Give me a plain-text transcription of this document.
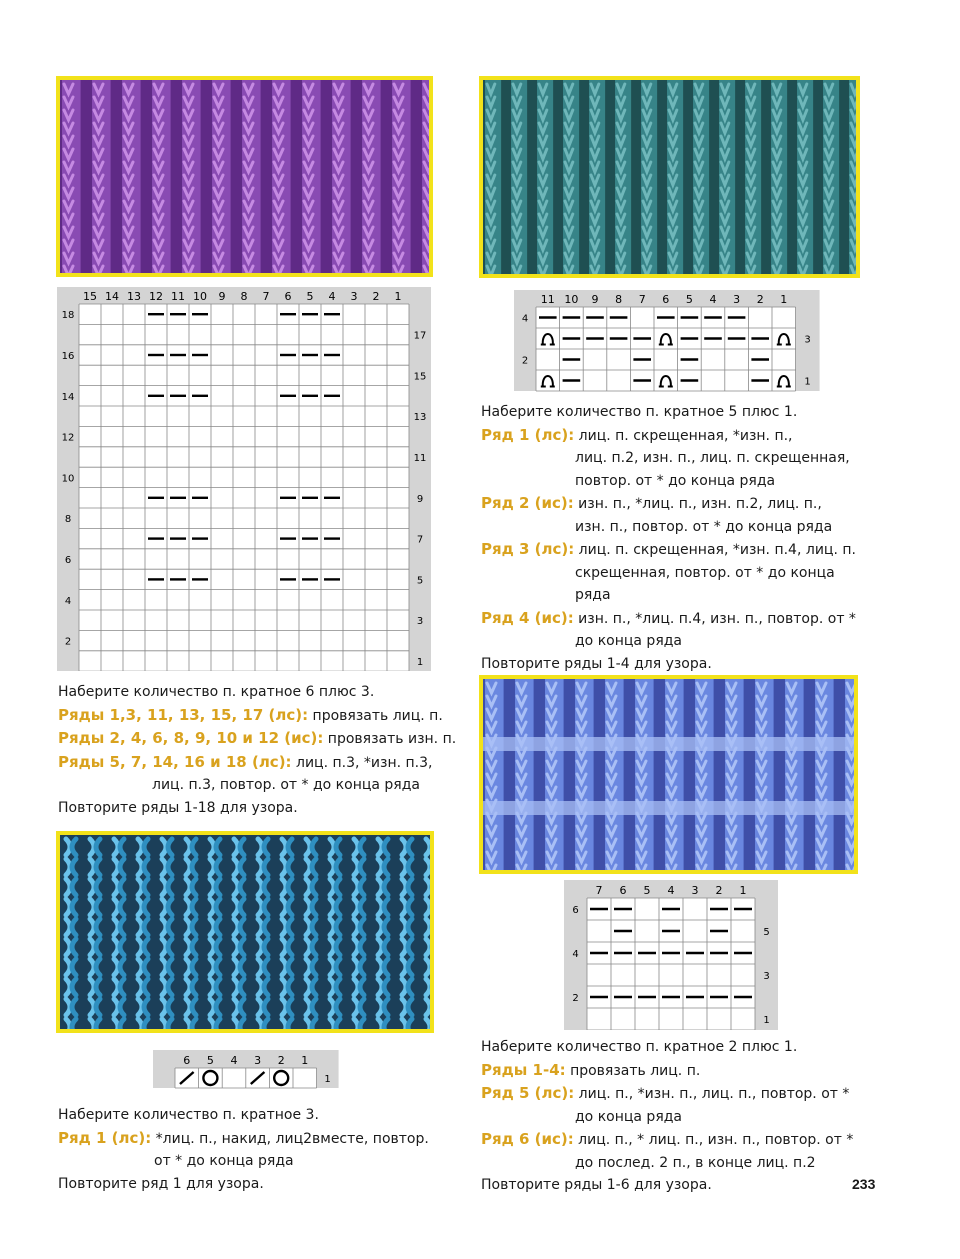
15 14 13 12 11 10 9 8 7 6 5 4 3 2 1
18
16
14
12
10
8
6
4
2
17
15
13
11
9
7
5
3
1
11 10 9 8 7 6 5 4 3 2 1
4
2
3
1
6 5 4 3 2 1
1
7 6 5 4 3 2 1
6
4
2
5
3
1

Наберите количество п. кратное 6 плюс 3.

Ряды 1,3, 11, 13, 15, 17 (лс): провязать лиц. п.

Ряды 2, 4, 6, 8, 9, 10 и 12 (ис): провязать изн. п.

Ряды 5, 7, 14, 16 и 18 (лс): лиц. п.3, *изн. п.3,

лиц. п.3, повтор. от * до конца ряда

Повторите ряды 1-18 для узора.

Наберите количество п. кратное 5 плюс 1.

Ряд 1 (лс): лиц. п. скрещенная, *изн. п.,

лиц. п.2, изн. п., лиц. п. скрещенная,

повтор. от * до конца ряда

Ряд 2 (ис): изн. п., *лиц. п., изн. п.2, лиц. п.,

изн. п., повтор. от * до конца ряда

Ряд 3 (лс): лиц. п. скрещенная, *изн. п.4, лиц. п.

скрещенная, повтор. от * до конца

ряда

Ряд 4 (ис): изн. п., *лиц. п.4, изн. п., повтор. от *

до конца ряда

Повторите ряды 1-4 для узора.

Наберите количество п. кратное 3.

Ряд 1 (лс): *лиц. п., накид, лиц2вместе, повтор.

от * до конца ряда

Повторите ряд 1 для узора.

Наберите количество п. кратное 2 плюс 1.

Ряды 1-4: провязать лиц. п.

Ряд 5 (лс): лиц. п., *изн. п., лиц. п., повтор. от *

до конца ряда

Ряд 6 (ис): лиц. п., * лиц. п., изн. п., повтор. от *

до послед. 2 п., в конце лиц. п.2

Повторите ряды 1-6 для узора.	233
